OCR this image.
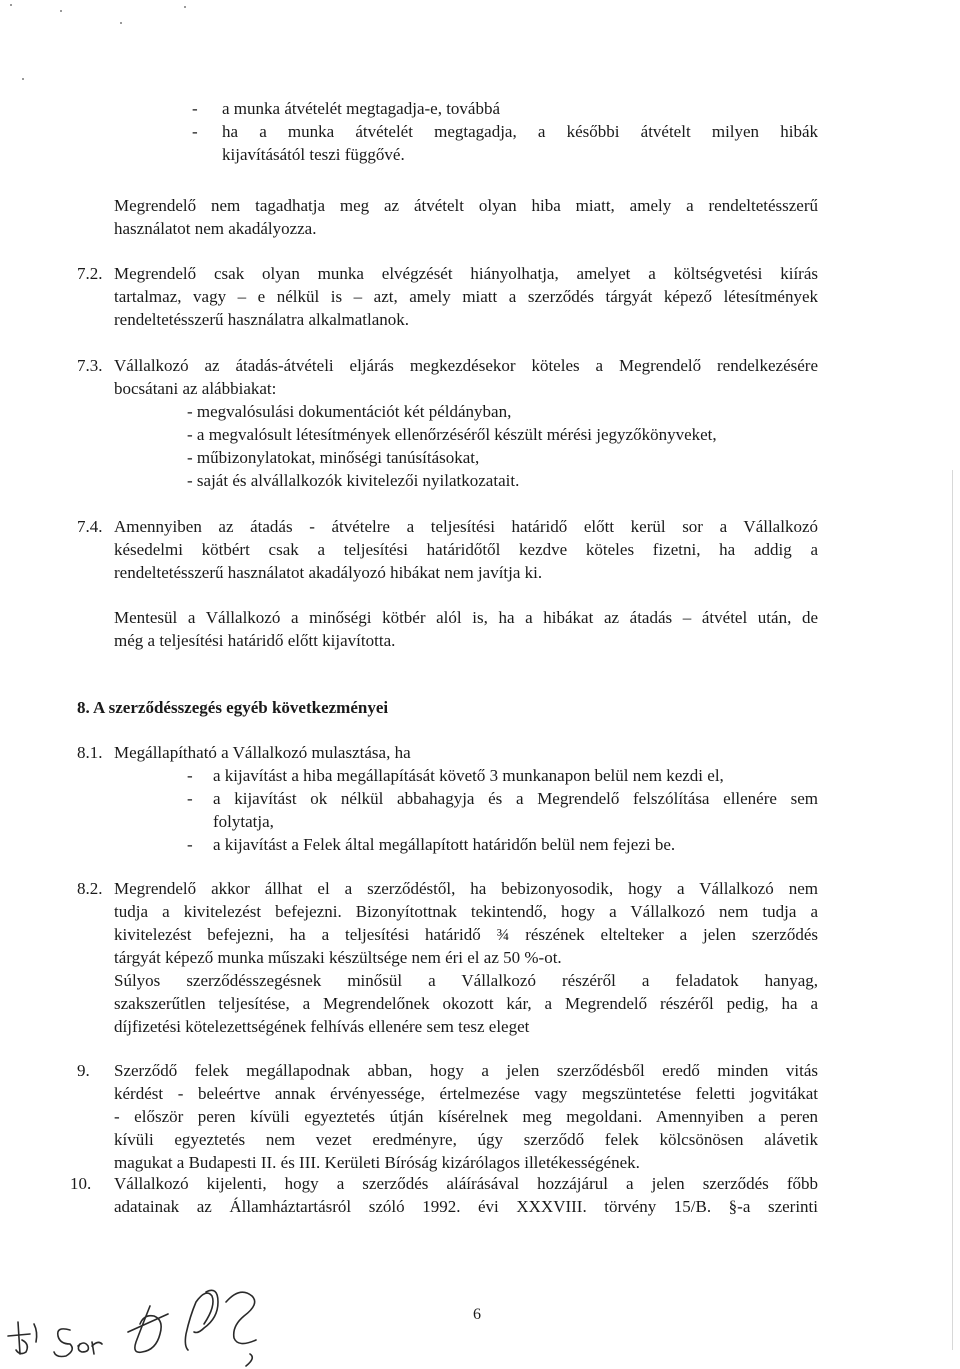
-	a munka átvételét megtagadja-e, továbbá
-	ha a munka átvételét megtagadja, a későbbi átvételt milyen hibák
kijavításától teszi függővé.
Megrendelő nem tagadhatja meg az átvételt olyan hiba miatt, amely a rendeltetésszerű
használatot nem akadályozza.
7.2. Megrendelő csak olyan munka elvégzését hiányolhatja, amelyet a költségvetési kiírás
tartalmaz, vagy – e nélkül is – azt, amely miatt a szerződés tárgyát képező létesítmények
rendeltetésszerű használatra alkalmatlanok.
7.3. Vállalkozó az átadás-átvételi eljárás megkezdésekor köteles a Megrendelő rendelkezésére
bocsátani az alábbiakat:
- megvalósulási dokumentációt két példányban,
- a megvalósult létesítmények ellenőrzéséről készült mérési jegyzőkönyveket,
- műbizonylatokat, minőségi tanúsításokat,
- saját és alvállalkozók kivitelezői nyilatkozatait.
7.4. Amennyiben az átadás - átvételre a teljesítési határidő előtt kerül sor a Vállalkozó
késedelmi kötbért csak a teljesítési határidőtől kezdve köteles fizetni, ha addig a
rendeltetésszerű használatot akadályozó hibákat nem javítja ki.
Mentesül a Vállalkozó a minőségi kötbér alól is, ha a hibákat az átadás – átvétel után, de
még a teljesítési határidő előtt kijavította.
8. A szerződésszegés egyéb következményei
8.1. Megállapítható a Vállalkozó mulasztása, ha
-	a kijavítást a hiba megállapítását követő 3 munkanapon belül nem kezdi el,
-	a kijavítást ok nélkül abbahagyja és a Megrendelő felszólítása ellenére sem
folytatja,
-	a kijavítást a Felek által megállapított határidőn belül nem fejezi be.
8.2. Megrendelő akkor állhat el a szerződéstől, ha bebizonyosodik, hogy a Vállalkozó nem
tudja a kivitelezést befejezni. Bizonyítottnak tekintendő, hogy a Vállalkozó nem tudja a
kivitelezést befejezni, ha a teljesítési határidő ¾ részének eltelteker a jelen szerződés
tárgyát képező munka műszaki készültsége nem éri el az 50 %-ot.
Súlyos szerződésszegésnek minősül a Vállalkozó részéről a feladatok hanyag,
szakszerűtlen teljesítése, a Megrendelőnek okozott kár, a Megrendelő részéről pedig, ha a
díjfizetési kötelezettségének felhívás ellenére sem tesz eleget
9. Szerződő felek megállapodnak abban, hogy a jelen szerződésből eredő minden vitás
kérdést - beleértve annak érvényessége, értelmezése vagy megszüntetése feletti jogvitákat
- először peren kívüli egyeztetés útján kísérelnek meg megoldani. Amennyiben a peren
kívüli egyeztetés nem vezet eredményre, úgy szerződő felek kölcsönösen alávetik
magukat a Budapesti II. és III. Kerületi Bíróság kizárólagos illetékességének.
10. Vállalkozó kijelenti, hogy a szerződés aláírásával hozzájárul a jelen szerződés főbb
adatainak az Államháztartásról szóló 1992. évi XXXVIII. törvény 15/B. §-a szerinti
6
